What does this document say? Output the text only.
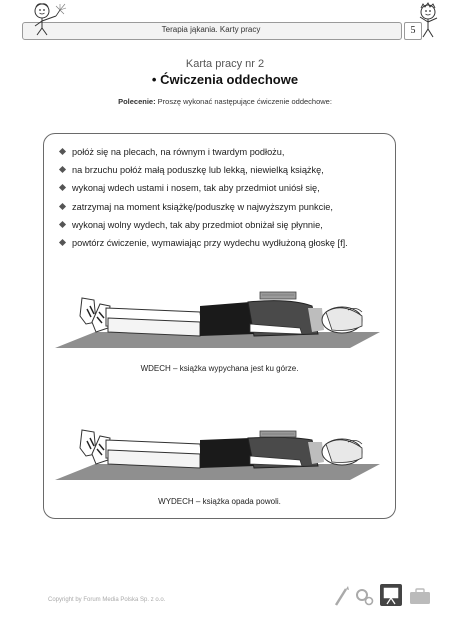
Terapia jąkania. Karty pracy	5
Karta pracy nr 2
• Ćwiczenia oddechowe
Polecenie: Proszę wykonać następujące ćwiczenie oddechowe:
połóż się na plecach, na równym i twardym podłożu,
na brzuchu połóż małą poduszkę lub lekką, niewielką książkę,
wykonaj wdech ustami i nosem, tak aby przedmiot uniósł się,
zatrzymaj na moment książkę/poduszkę w najwyższym punkcie,
wykonaj wolny wydech, tak aby przedmiot obniżał się płynnie,
powtórz ćwiczenie, wymawiając przy wydechu wydłużoną głoskę [f].
WDECH – książka wypychana jest ku górze.
WYDECH – książka opada powoli.
Copyright by Forum Media Polska Sp. z o.o.
